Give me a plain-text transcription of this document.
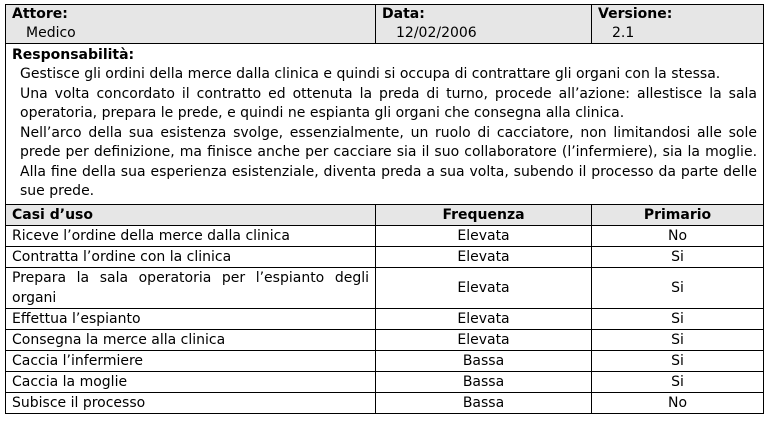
Attore:
Medico	Data:
12/02/2006	Versione:
2.1

Responsabilità:
Gestisce gli ordini della merce dalla clinica e quindi si occupa di contrattare gli organi con la stessa.
Una volta concordato il contratto ed ottenuta la preda di turno, procede all’azione: allestisce la sala operatoria, prepara le prede, e quindi ne espianta gli organi che consegna alla clinica.
Nell’arco della sua esistenza svolge, essenzialmente, un ruolo di cacciatore, non limitandosi alle sole prede per definizione, ma finisce anche per cacciare sia il suo collaboratore (l’infermiere), sia la moglie. Alla fine della sua esperienza esistenziale, diventa preda a sua volta, subendo il processo da parte delle sue prede.		

Casi d’uso	Frequenza	Primario
Riceve l’ordine della merce dalla clinica	Elevata	No
Contratta l’ordine con la clinica	Elevata	Si
Prepara la sala operatoria per l’espianto degli organi	Elevata	Si
Effettua l’espianto	Elevata	Si
Consegna la merce alla clinica	Elevata	Si
Caccia l’infermiere	Bassa	Si
Caccia la moglie	Bassa	Si
Subisce il processo	Bassa	No
